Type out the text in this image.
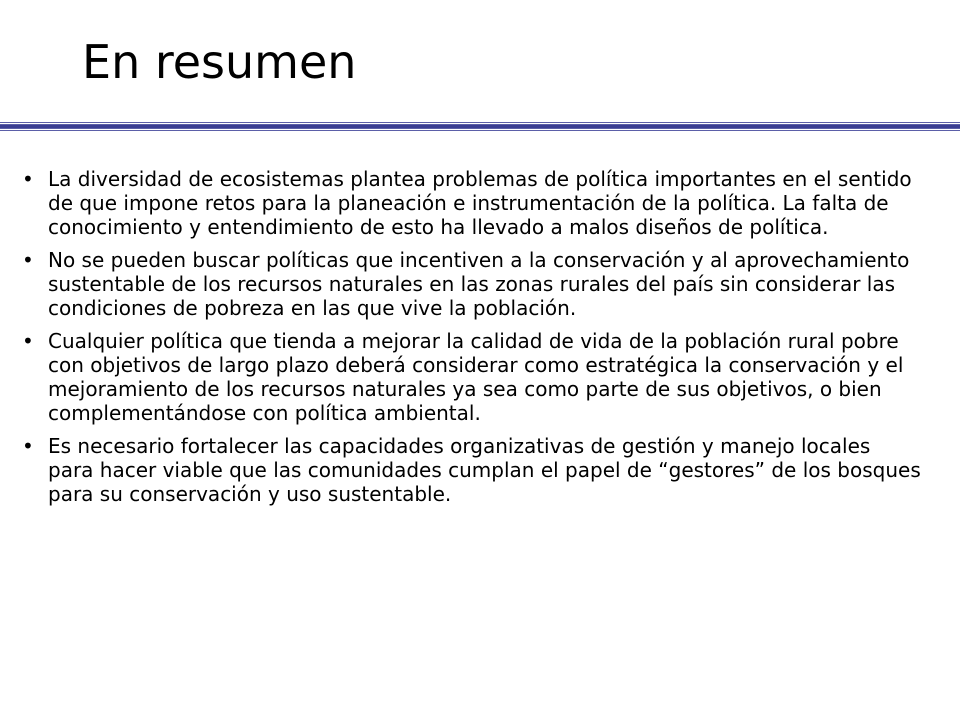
En resumen
• La diversidad de ecosistemas plantea problemas de política importantes en el sentido de que impone retos para la planeación e instrumentación de la política. La falta de conocimiento y entendimiento de esto ha llevado a malos diseños de política.
• No se pueden buscar políticas que incentiven a la conservación y al aprovechamiento sustentable de los recursos naturales en las zonas rurales del país sin considerar las condiciones de pobreza en las que vive la población.
• Cualquier política que tienda a mejorar la calidad de vida de la población rural pobre con objetivos de largo plazo deberá considerar como estratégica la conservación y el mejoramiento de los recursos naturales ya sea como parte de sus objetivos, o bien complementándose con política ambiental.
• Es necesario fortalecer las capacidades organizativas de gestión y manejo locales para hacer viable que las comunidades cumplan el papel de “gestores” de los bosques para su conservación y uso sustentable.
